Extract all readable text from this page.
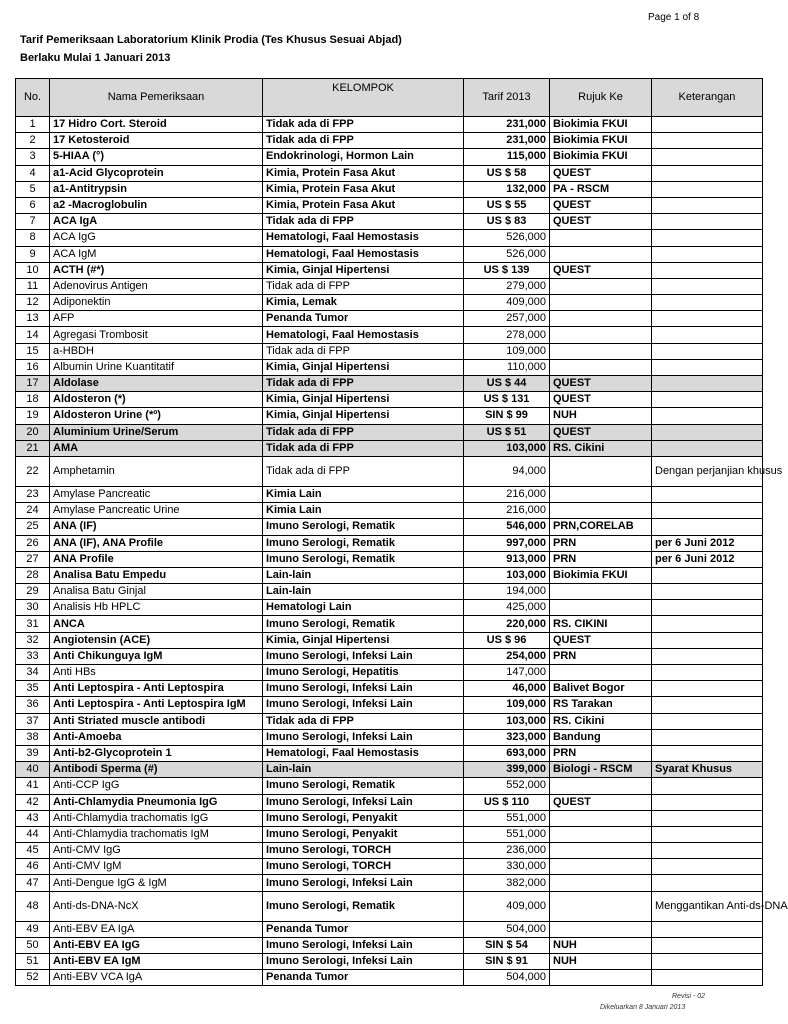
Page 1 of 8
Tarif Pemeriksaan Laboratorium Klinik Prodia (Tes Khusus Sesuai Abjad)
Berlaku Mulai 1 Januari 2013
No.	Nama Pemeriksaan	KELOMPOK	Tarif 2013	Rujuk Ke	Keterangan
1	17 Hidro Cort. Steroid	Tidak ada di FPP	231,000	Biokimia FKUI	
2	17 Ketosteroid	Tidak ada di FPP	231,000	Biokimia FKUI	
3	5-HIAA (°)	Endokrinologi, Hormon Lain	115,000	Biokimia FKUI	
4	a1-Acid Glycoprotein	Kimia, Protein Fasa Akut	US $ 58	QUEST	
5	a1-Antitrypsin	Kimia, Protein Fasa Akut	132,000	PA - RSCM	
6	a2 -Macroglobulin	Kimia, Protein Fasa Akut	US $ 55	QUEST	
7	ACA IgA	Tidak ada di FPP	US $ 83	QUEST	
8	ACA IgG	Hematologi, Faal Hemostasis	526,000		
9	ACA IgM	Hematologi, Faal Hemostasis	526,000		
10	ACTH (#*)	Kimia, Ginjal Hipertensi	US $ 139	QUEST	
11	Adenovirus Antigen	Tidak ada di FPP	279,000		
12	Adiponektin	Kimia, Lemak	409,000		
13	AFP	Penanda Tumor	257,000		
14	Agregasi Trombosit	Hematologi, Faal Hemostasis	278,000		
15	a-HBDH	Tidak ada di FPP	109,000		
16	Albumin Urine Kuantitatif	Kimia, Ginjal Hipertensi	110,000		
17	Aldolase	Tidak ada di FPP	US $ 44	QUEST	
18	Aldosteron (*)	Kimia, Ginjal Hipertensi	US $ 131	QUEST	
19	Aldosteron Urine (*º)	Kimia, Ginjal Hipertensi	SIN $ 99	NUH	
20	Aluminium Urine/Serum	Tidak ada di FPP	US $ 51	QUEST	
21	AMA	Tidak ada di FPP	103,000	RS. Cikini	
22	Amphetamin	Tidak ada di FPP	94,000		Dengan perjanjian khusus
23	Amylase Pancreatic	Kimia Lain	216,000		
24	Amylase Pancreatic Urine	Kimia Lain	216,000		
25	ANA (IF)	Imuno Serologi, Rematik	546,000	PRN,CORELAB	
26	ANA (IF), ANA Profile	Imuno Serologi, Rematik	997,000	PRN	per 6 Juni 2012
27	ANA Profile	Imuno Serologi, Rematik	913,000	PRN	per 6 Juni 2012
28	Analisa Batu Empedu	Lain-lain	103,000	Biokimia FKUI	
29	Analisa Batu Ginjal	Lain-lain	194,000		
30	Analisis Hb HPLC	Hematologi Lain	425,000		
31	ANCA	Imuno Serologi, Rematik	220,000	RS. CIKINI	
32	Angiotensin (ACE)	Kimia, Ginjal Hipertensi	US $ 96	QUEST	
33	Anti Chikunguya IgM	Imuno Serologi, Infeksi Lain	254,000	PRN	
34	Anti HBs	Imuno Serologi, Hepatitis	147,000		
35	Anti Leptospira - Anti Leptospira	Imuno Serologi, Infeksi Lain	46,000	Balivet Bogor	
36	Anti Leptospira - Anti Leptospira IgM	Imuno Serologi, Infeksi Lain	109,000	RS Tarakan	
37	Anti Striated muscle antibodi	Tidak ada di FPP	103,000	RS. Cikini	
38	Anti-Amoeba	Imuno Serologi, Infeksi Lain	323,000	Bandung	
39	Anti-b2-Glycoprotein 1	Hematologi, Faal Hemostasis	693,000	PRN	
40	Antibodi Sperma (#)	Lain-lain	399,000	Biologi - RSCM	Syarat Khusus
41	Anti-CCP IgG	Imuno Serologi, Rematik	552,000		
42	Anti-Chlamydia Pneumonia IgG	Imuno Serologi, Infeksi Lain	US $ 110	QUEST	
43	Anti-Chlamydia trachomatis IgG	Imuno Serologi, Penyakit	551,000		
44	Anti-Chlamydia trachomatis IgM	Imuno Serologi, Penyakit	551,000		
45	Anti-CMV IgG	Imuno Serologi, TORCH	236,000		
46	Anti-CMV IgM	Imuno Serologi, TORCH	330,000		
47	Anti-Dengue IgG & IgM	Imuno Serologi, Infeksi Lain	382,000		
48	Anti-ds-DNA-NcX	Imuno Serologi, Rematik	409,000		Menggantikan Anti-ds-DNA
49	Anti-EBV EA IgA	Penanda Tumor	504,000		
50	Anti-EBV EA IgG	Imuno Serologi, Infeksi Lain	SIN $ 54	NUH	
51	Anti-EBV EA IgM	Imuno Serologi, Infeksi Lain	SIN $ 91	NUH	
52	Anti-EBV VCA IgA	Penanda Tumor	504,000		
Revisi - 02
Dikeluarkan 8 Januari 2013
